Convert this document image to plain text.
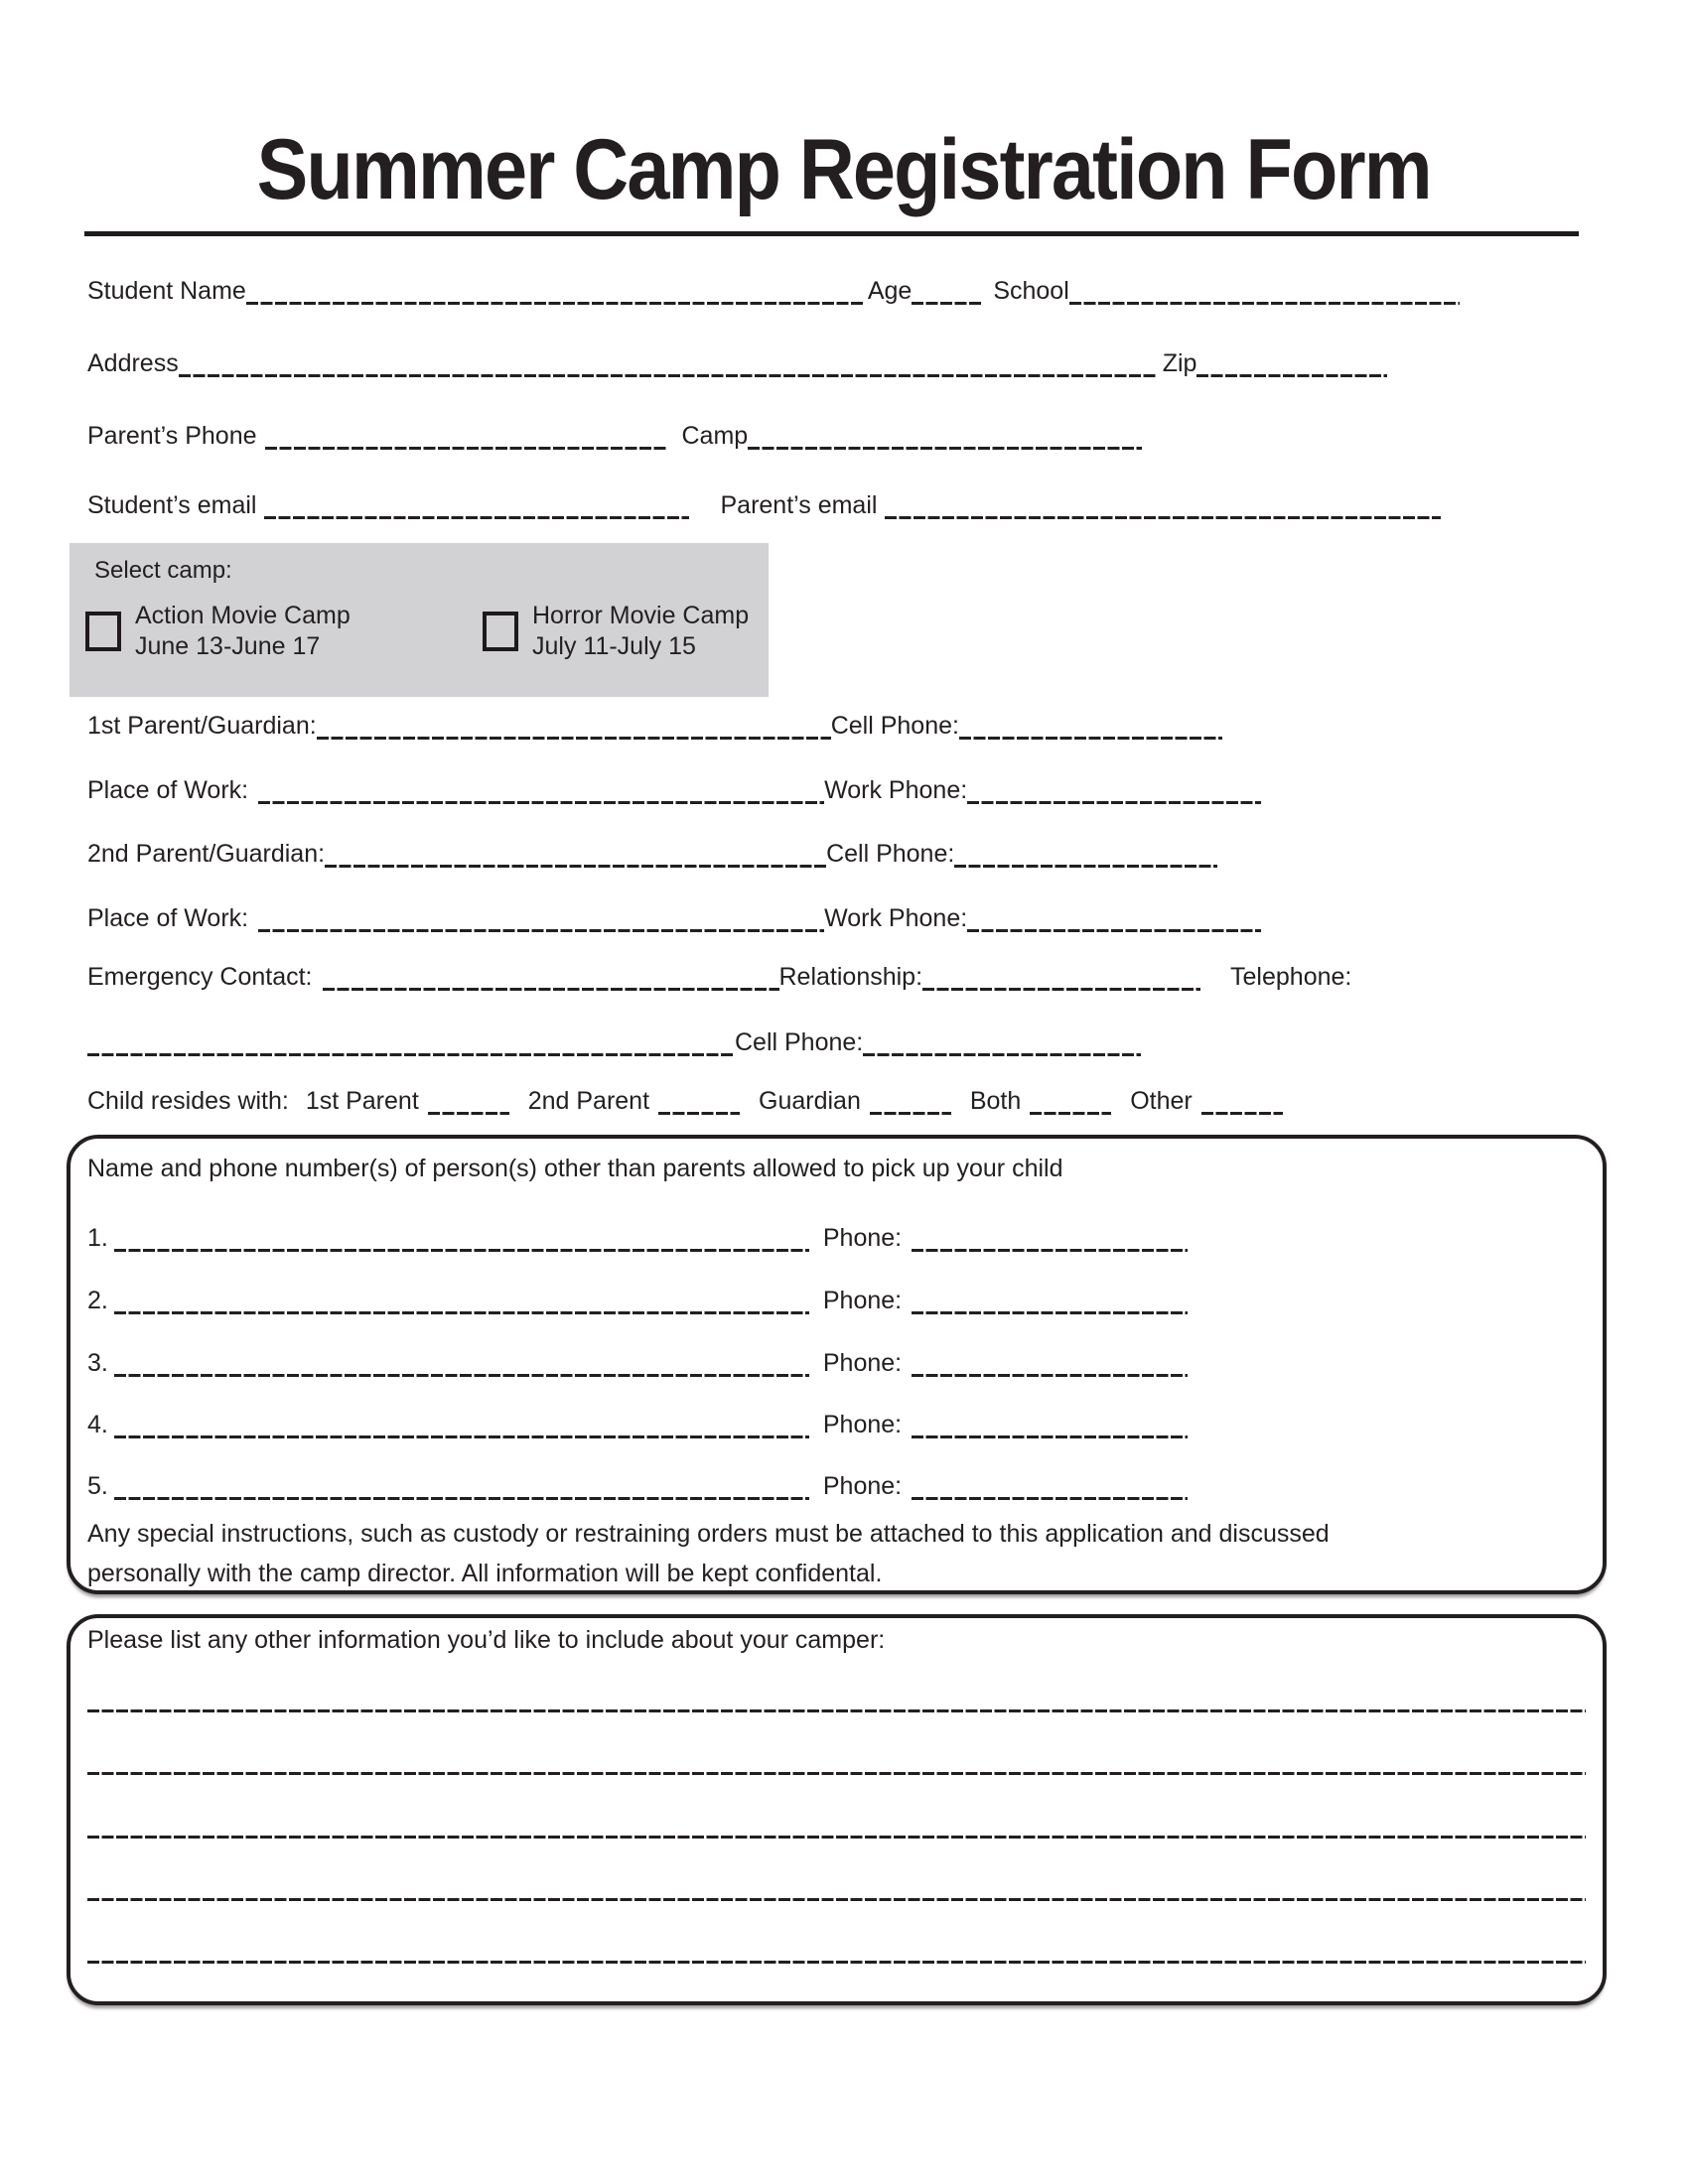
Summer Camp Registration Form
Student Name	Age	School
Address	Zip
Parent’s Phone	Camp
Student’s email	Parent’s email
Select camp:
Action Movie Camp
June 13-June 17
Horror Movie Camp
July 11-July 15
1st Parent/Guardian:	Cell Phone:
Place of Work:	Work Phone:
2nd Parent/Guardian:	Cell Phone:
Place of Work:	Work Phone:
Emergency Contact:	Relationship:	Telephone:
Cell Phone:
Child resides with: 1st Parent	2nd Parent	Guardian	Both	Other
Name and phone number(s) of person(s) other than parents allowed to pick up your child
1.	Phone:
2.	Phone:
3.	Phone:
4.	Phone:
5.	Phone:
Any special instructions, such as custody or restraining orders must be attached to this application and discussed personally with the camp director. All information will be kept confidental.
Please list any other information you’d like to include about your camper:
